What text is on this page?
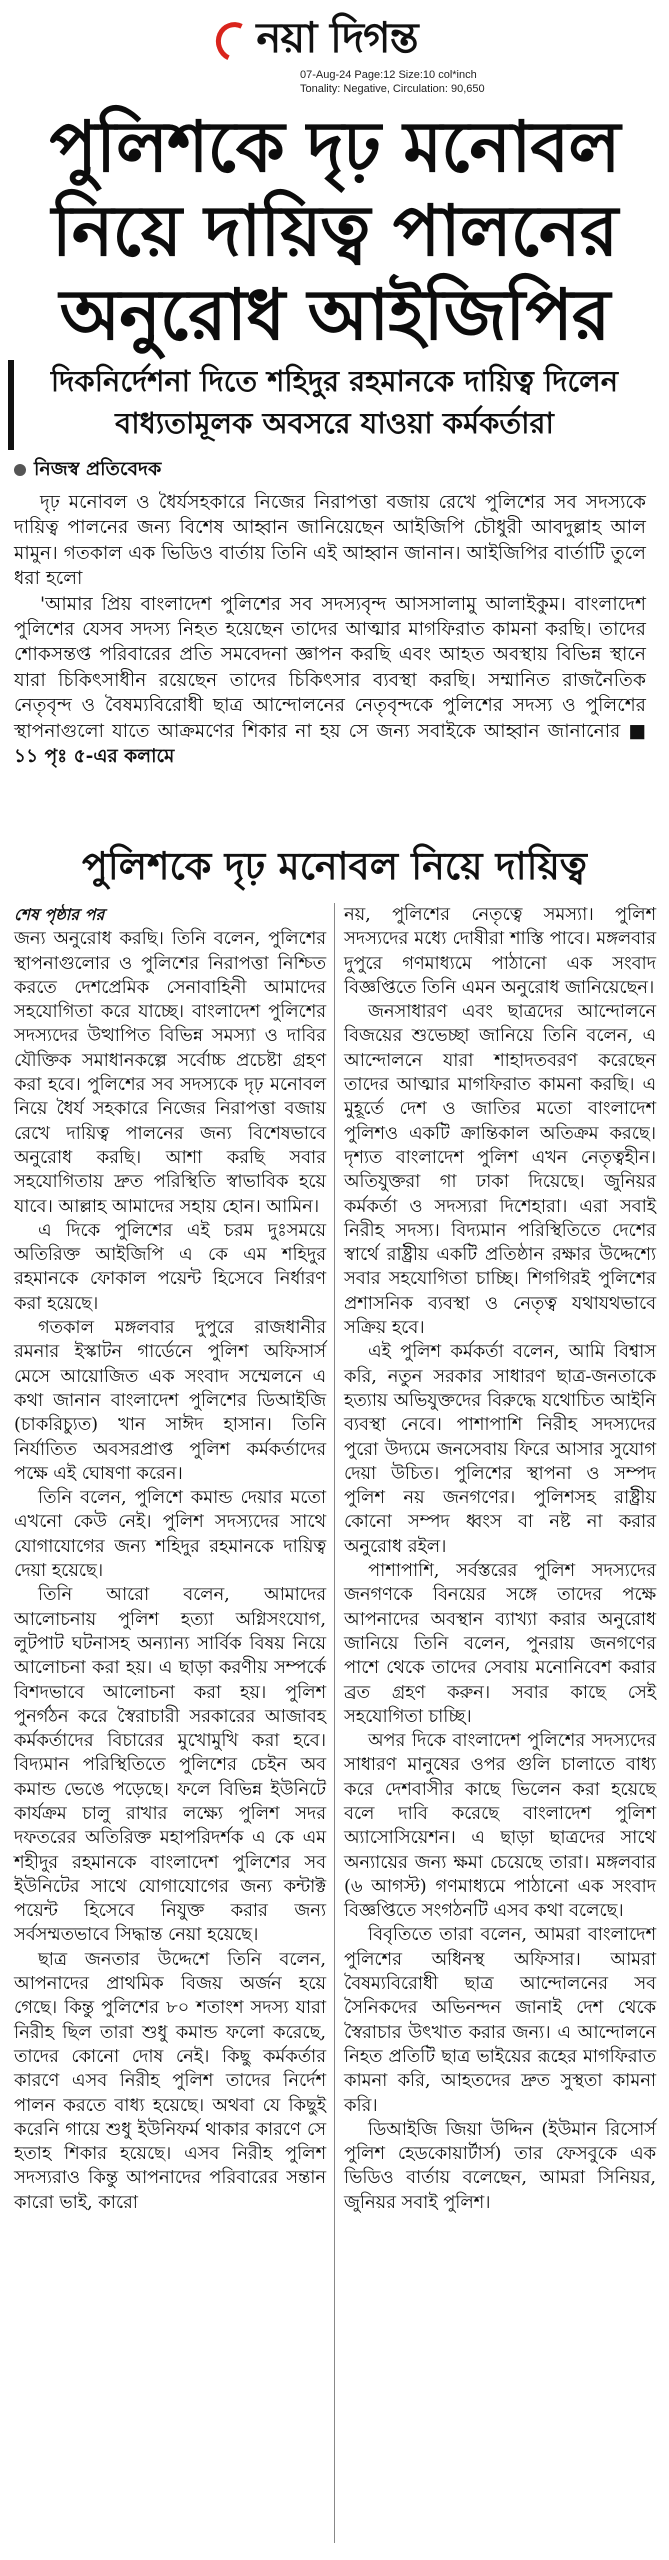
নয়া দিগন্ত
07-Aug-24 Page:12 Size:10 col*inch
Tonality: Negative, Circulation: 90,650
পুলিশকে দৃঢ় মনোবল
নিয়ে দায়িত্ব পালনের
অনুরোধ আইজিপির
দিকনির্দেশনা দিতে শহিদুর রহমানকে দায়িত্ব দিলেন
বাধ্যতামূলক অবসরে যাওয়া কর্মকর্তারা
নিজস্ব প্রতিবেদক

দৃঢ় মনোবল ও ধৈর্যসহকারে নিজের নিরাপত্তা বজায় রেখে পুলিশের সব সদস্যকে দায়িত্ব পালনের জন্য বিশেষ আহ্বান জানিয়েছেন আইজিপি চৌধুরী আবদুল্লাহ আল মামুন। গতকাল এক ভিডিও বার্তায় তিনি এই আহ্বান জানান। আইজিপির বার্তাটি তুলে ধরা হলো

'আমার প্রিয় বাংলাদেশ পুলিশের সব সদস্যবৃন্দ আসসালামু আলাইকুম। বাংলাদেশ পুলিশের যেসব সদস্য নিহত হয়েছেন তাদের আত্মার মাগফিরাত কামনা করছি। তাদের শোকসন্তপ্ত পরিবারের প্রতি সমবেদনা জ্ঞাপন করছি এবং আহত অবস্থায় বিভিন্ন স্থানে যারা চিকিৎসাধীন রয়েছেন তাদের চিকিৎসার ব্যবস্থা করছি। সম্মানিত রাজনৈতিক নেতৃবৃন্দ ও বৈষম্যবিরোধী ছাত্র আন্দোলনের নেতৃবৃন্দকে পুলিশের সদস্য ও পুলিশের স্থাপনাগুলো যাতে আক্রমণের শিকার না হয় সে জন্য সবাইকে আহ্বান জানানোর ■ ১১ পৃঃ ৫-এর কলামে

পুলিশকে দৃঢ় মনোবল নিয়ে দায়িত্ব

শেষ পৃষ্ঠার পর

জন্য অনুরোধ করছি। তিনি বলেন, পুলিশের স্থাপনাগুলোর ও পুলিশের নিরাপত্তা নিশ্চিত করতে দেশপ্রেমিক সেনাবাহিনী আমাদের সহযোগিতা করে যাচ্ছে। বাংলাদেশ পুলিশের সদস্যদের উত্থাপিত বিভিন্ন সমস্যা ও দাবির যৌক্তিক সমাধানকল্পে সর্বোচ্চ প্রচেষ্টা গ্রহণ করা হবে। পুলিশের সব সদস্যকে দৃঢ় মনোবল নিয়ে ধৈর্য সহকারে নিজের নিরাপত্তা বজায় রেখে দায়িত্ব পালনের জন্য বিশেষভাবে অনুরোধ করছি। আশা করছি সবার সহযোগিতায় দ্রুত পরিস্থিতি স্বাভাবিক হয়ে যাবে। আল্লাহ আমাদের সহায় হোন। আমিন।

এ দিকে পুলিশের এই চরম দুঃসময়ে অতিরিক্ত আইজিপি এ কে এম শহিদুর রহমানকে ফোকাল পয়েন্ট হিসেবে নির্ধারণ করা হয়েছে।

গতকাল মঙ্গলবার দুপুরে রাজধানীর রমনার ইস্কাটন গার্ডেনে পুলিশ অফিসার্স মেসে আয়োজিত এক সংবাদ সম্মেলনে এ কথা জানান বাংলাদেশ পুলিশের ডিআইজি (চাকরিচ্যুত) খান সাঈদ হাসান। তিনি নির্যাতিত অবসরপ্রাপ্ত পুলিশ কর্মকর্তাদের পক্ষে এই ঘোষণা করেন।

তিনি বলেন, পুলিশে কমান্ড দেয়ার মতো এখনো কেউ নেই। পুলিশ সদস্যদের সাথে যোগাযোগের জন্য শহিদুর রহমানকে দায়িত্ব দেয়া হয়েছে।

তিনি আরো বলেন, আমাদের আলোচনায় পুলিশ হত্যা অগ্নিসংযোগ, লুটপাট ঘটনাসহ অন্যান্য সার্বিক বিষয় নিয়ে আলোচনা করা হয়। এ ছাড়া করণীয় সম্পর্কে বিশদভাবে আলোচনা করা হয়। পুলিশ পুনর্গঠন করে স্বৈরাচারী সরকারের আজাবহ কর্মকর্তাদের বিচারের মুখোমুখি করা হবে। বিদ্যমান পরিস্থিতিতে পুলিশের চেইন অব কমান্ড ভেঙে পড়েছে। ফলে বিভিন্ন ইউনিটে কার্যক্রম চালু রাখার লক্ষ্যে পুলিশ সদর দফতরের অতিরিক্ত মহাপরিদর্শক এ কে এম শহীদুর রহমানকে বাংলাদেশ পুলিশের সব ইউনিটের সাথে যোগাযোগের জন্য কন্টাক্ট পয়েন্ট হিসেবে নিযুক্ত করার জন্য সর্বসম্মতভাবে সিদ্ধান্ত নেয়া হয়েছে।

ছাত্র জনতার উদ্দেশে তিনি বলেন, আপনাদের প্রাথমিক বিজয় অর্জন হয়ে গেছে। কিন্তু পুলিশের ৮০ শতাংশ সদস্য যারা নিরীহ ছিল তারা শুধু কমান্ড ফলো করেছে, তাদের কোনো দোষ নেই। কিছু কর্মকর্তার কারণে এসব নিরীহ পুলিশ তাদের নির্দেশ পালন করতে বাধ্য হয়েছে। অথবা যে কিছুই করেনি গায়ে শুধু ইউনিফর্ম থাকার কারণে সে হতাহ শিকার হয়েছে। এসব নিরীহ পুলিশ সদস্যরাও কিন্তু আপনাদের পরিবারের সন্তান কারো ভাই, কারো

নয়, পুলিশের নেতৃত্বে সমস্যা। পুলিশ সদস্যদের মধ্যে দোষীরা শাস্তি পাবে। মঙ্গলবার দুপুরে গণমাধ্যমে পাঠানো এক সংবাদ বিজ্ঞপ্তিতে তিনি এমন অনুরোধ জানিয়েছেন।

জনসাধারণ এবং ছাত্রদের আন্দোলনে বিজয়ের শুভেচ্ছা জানিয়ে তিনি বলেন, এ আন্দোলনে যারা শাহাদতবরণ করেছেন তাদের আত্মার মাগফিরাত কামনা করছি। এ মুহূর্তে দেশ ও জাতির মতো বাংলাদেশ পুলিশও একটি ক্রান্তিকাল অতিক্রম করছে। দৃশ্যত বাংলাদেশ পুলিশ এখন নেতৃত্বহীন। অতিযুক্তরা গা ঢাকা দিয়েছে। জুনিয়র কর্মকর্তা ও সদস্যরা দিশেহারা। এরা সবাই নিরীহ সদস্য। বিদ্যমান পরিস্থিতিতে দেশের স্বার্থে রাষ্ট্রীয় একটি প্রতিষ্ঠান রক্ষার উদ্দেশ্যে সবার সহযোগিতা চাচ্ছি। শিগগিরই পুলিশের প্রশাসনিক ব্যবস্থা ও নেতৃত্ব যথাযথভাবে সক্রিয় হবে।

এই পুলিশ কর্মকর্তা বলেন, আমি বিশ্বাস করি, নতুন সরকার সাধারণ ছাত্র-জনতাকে হত্যায় অভিযুক্তদের বিরুদ্ধে যথোচিত আইনি ব্যবস্থা নেবে। পাশাপাশি নিরীহ সদস্যদের পুরো উদ্যমে জনসেবায় ফিরে আসার সুযোগ দেয়া উচিত। পুলিশের স্থাপনা ও সম্পদ পুলিশ নয় জনগণের। পুলিশসহ রাষ্ট্রীয় কোনো সম্পদ ধ্বংস বা নষ্ট না করার অনুরোধ রইল।

পাশাপাশি, সর্বস্তরের পুলিশ সদস্যদের জনগণকে বিনয়ের সঙ্গে তাদের পক্ষে আপনাদের অবস্থান ব্যাখ্যা করার অনুরোধ জানিয়ে তিনি বলেন, পুনরায় জনগণের পাশে থেকে তাদের সেবায় মনোনিবেশ করার ব্রত গ্রহণ করুন। সবার কাছে সেই সহযোগিতা চাচ্ছি।

অপর দিকে বাংলাদেশ পুলিশের সদস্যদের সাধারণ মানুষের ওপর গুলি চালাতে বাধ্য করে দেশবাসীর কাছে ভিলেন করা হয়েছে বলে দাবি করেছে বাংলাদেশ পুলিশ অ্যাসোসিয়েশন। এ ছাড়া ছাত্রদের সাথে অন্যায়ের জন্য ক্ষমা চেয়েছে তারা। মঙ্গলবার (৬ আগস্ট) গণমাধ্যমে পাঠানো এক সংবাদ বিজ্ঞপ্তিতে সংগঠনটি এসব কথা বলেছে।

বিবৃতিতে তারা বলেন, আমরা বাংলাদেশ পুলিশের অধিনস্থ অফিসার। আমরা বৈষম্যবিরোধী ছাত্র আন্দোলনের সব সৈনিকদের অভিনন্দন জানাই দেশ থেকে স্বৈরাচার উৎখাত করার জন্য। এ আন্দোলনে নিহত প্রতিটি ছাত্র ভাইয়ের রূহের মাগফিরাত কামনা করি, আহতদের দ্রুত সুস্থতা কামনা করি।

ডিআইজি জিয়া উদ্দিন (ইউমান রিসোর্স পুলিশ হেডকোয়ার্টার্স) তার ফেসবুকে এক ভিডিও বার্তায় বলেছেন, আমরা সিনিয়র, জুনিয়র সবাই পুলিশ।
